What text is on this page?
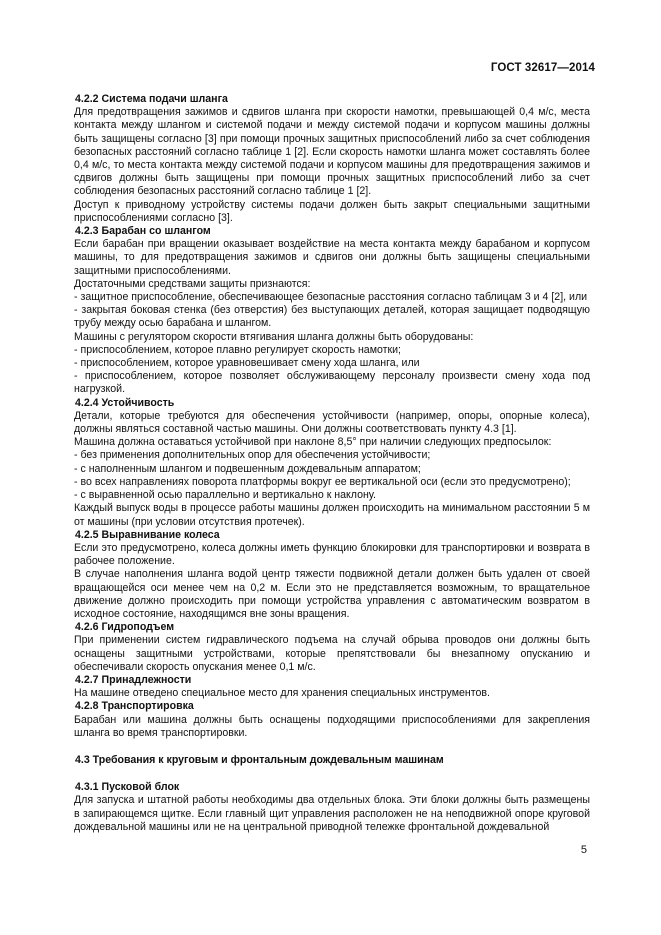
ГОСТ 32617—2014

4.2.2 Система подачи шланга

Для предотвращения зажимов и сдвигов шланга при скорости намотки, превышающей 0,4 м/с, места контакта между шлангом и системой подачи и между системой подачи и корпусом машины должны быть защищены согласно [3] при помощи прочных защитных приспособлений либо за счет соблюдения безопасных расстояний согласно таблице 1 [2]. Если скорость намотки шланга может составлять более 0,4 м/с, то места контакта между системой подачи и корпусом машины для предотвращения зажимов и сдвигов должны быть защищены при помощи прочных защитных приспособлений либо за счет соблюдения безопасных расстояний согласно таблице 1 [2].

Доступ к приводному устройству системы подачи должен быть закрыт специальными защитными приспособлениями согласно [3].

4.2.3 Барабан со шлангом

Если барабан при вращении оказывает воздействие на места контакта между барабаном и корпусом машины, то для предотвращения зажимов и сдвигов они должны быть защищены специальными защитными приспособлениями.

Достаточными средствами защиты признаются:

- защитное приспособление, обеспечивающее безопасные расстояния согласно таблицам 3 и 4 [2], или

- закрытая боковая стенка (без отверстия) без выступающих деталей, которая защищает подводящую трубу между осью барабана и шлангом.

Машины с регулятором скорости втягивания шланга должны быть оборудованы:

- приспособлением, которое плавно регулирует скорость намотки;

- приспособлением, которое уравновешивает смену хода шланга, или

- приспособлением, которое позволяет обслуживающему персоналу произвести смену хода под нагрузкой.

4.2.4 Устойчивость

Детали, которые требуются для обеспечения устойчивости (например, опоры, опорные колеса), должны являться составной частью машины. Они должны соответствовать пункту 4.3 [1].

Машина должна оставаться устойчивой при наклоне 8,5° при наличии следующих предпосылок:

- без применения дополнительных опор для обеспечения устойчивости;

- с наполненным шлангом и подвешенным дождевальным аппаратом;

- во всех направлениях поворота платформы вокруг ее вертикальной оси (если это предусмотрено);

- с выравненной осью параллельно и вертикально к наклону.

Каждый выпуск воды в процессе работы машины должен происходить на минимальном расстоянии 5 м от машины (при условии отсутствия протечек).

4.2.5 Выравнивание колеса

Если это предусмотрено, колеса должны иметь функцию блокировки для транспортировки и возврата в рабочее положение.

В случае наполнения шланга водой центр тяжести подвижной детали должен быть удален от своей вращающейся оси менее чем на 0,2 м. Если это не представляется возможным, то вращательное движение должно происходить при помощи устройства управления с автоматическим возвратом в исходное состояние, находящимся вне зоны вращения.

4.2.6 Гидроподъем

При применении систем гидравлического подъема на случай обрыва проводов они должны быть оснащены защитными устройствами, которые препятствовали бы внезапному опусканию и обеспечивали скорость опускания менее 0,1 м/с.

4.2.7 Принадлежности

На машине отведено специальное место для хранения специальных инструментов.

4.2.8 Транспортировка

Барабан или машина должны быть оснащены подходящими приспособлениями для закрепления шланга во время транспортировки.

4.3 Требования к круговым и фронтальным дождевальным машинам

4.3.1 Пусковой блок

Для запуска и штатной работы необходимы два отдельных блока. Эти блоки должны быть размещены в запирающемся щитке. Если главный щит управления расположен не на неподвижной опоре круговой дождевальной машины или не на центральной приводной тележке фронтальной дождевальной

5
